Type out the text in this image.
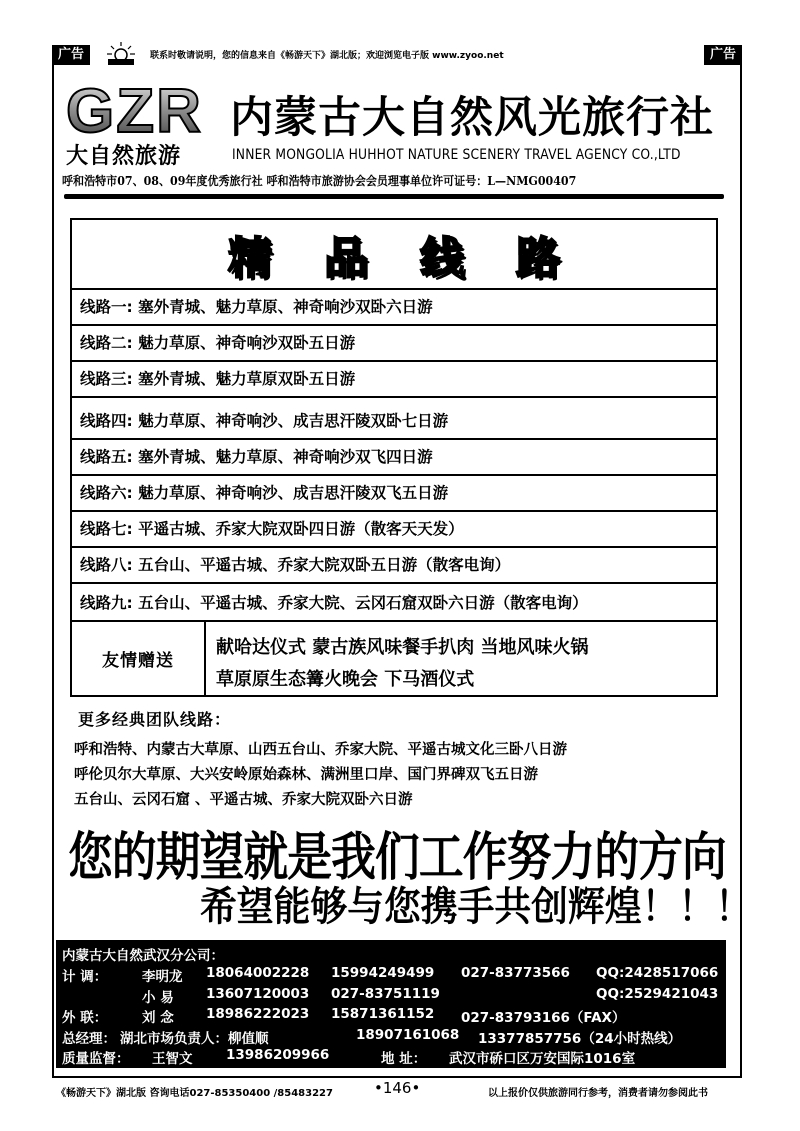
广告	联系时敬请说明，您的信息来自《畅游天下》湖北版；欢迎浏览电子版 www.zyoo.net	广告
GZR
大自然旅游
内蒙古大自然风光旅行社
INNER MONGOLIA HUHHOT NATURE SCENERY TRAVEL AGENCY CO.,LTD
呼和浩特市07、08、09年度优秀旅行社 呼和浩特市旅游协会会员理事单位许可证号：L—NMG00407
精品线路
线路一: 塞外青城、魅力草原、神奇响沙双卧六日游
线路二: 魅力草原、神奇响沙双卧五日游
线路三: 塞外青城、魅力草原双卧五日游
线路四: 魅力草原、神奇响沙、成吉思汗陵双卧七日游
线路五: 塞外青城、魅力草原、神奇响沙双飞四日游
线路六: 魅力草原、神奇响沙、成吉思汗陵双飞五日游
线路七: 平遥古城、乔家大院双卧四日游（散客天天发）
线路八: 五台山、平遥古城、乔家大院双卧五日游（散客电询）
线路九: 五台山、平遥古城、乔家大院、云冈石窟双卧六日游（散客电询）
友情赠送
献哈达仪式 蒙古族风味餐手扒肉 当地风味火锅
草原原生态篝火晚会 下马酒仪式
更多经典团队线路：
呼和浩特、内蒙古大草原、山西五台山、乔家大院、平遥古城文化三卧八日游
呼伦贝尔大草原、大兴安岭原始森林、满洲里口岸、国门界碑双飞五日游
五台山、云冈石窟 、平遥古城、乔家大院双卧六日游
您的期望就是我们工作努力的方向
希望能够与您携手共创辉煌！！！
内蒙古大自然武汉分公司：
计 调：	李明龙 18064002228 15994249499 027-83773566 QQ:2428517066
小 易 13607120003 027-83751119	QQ:2529421043
外 联：	刘 念 18986222023 15871361152 027-83793166（FAX）
总经理： 湖北市场负责人：柳值顺	18907161068 13377857756（24小时热线）
质量监督： 王智文 13986209966	地 址： 武汉市硚口区万安国际1016室
《畅游天下》湖北版 咨询电话027-85350400 /85483227	•146•	以上报价仅供旅游同行参考，消费者请勿参阅此书
